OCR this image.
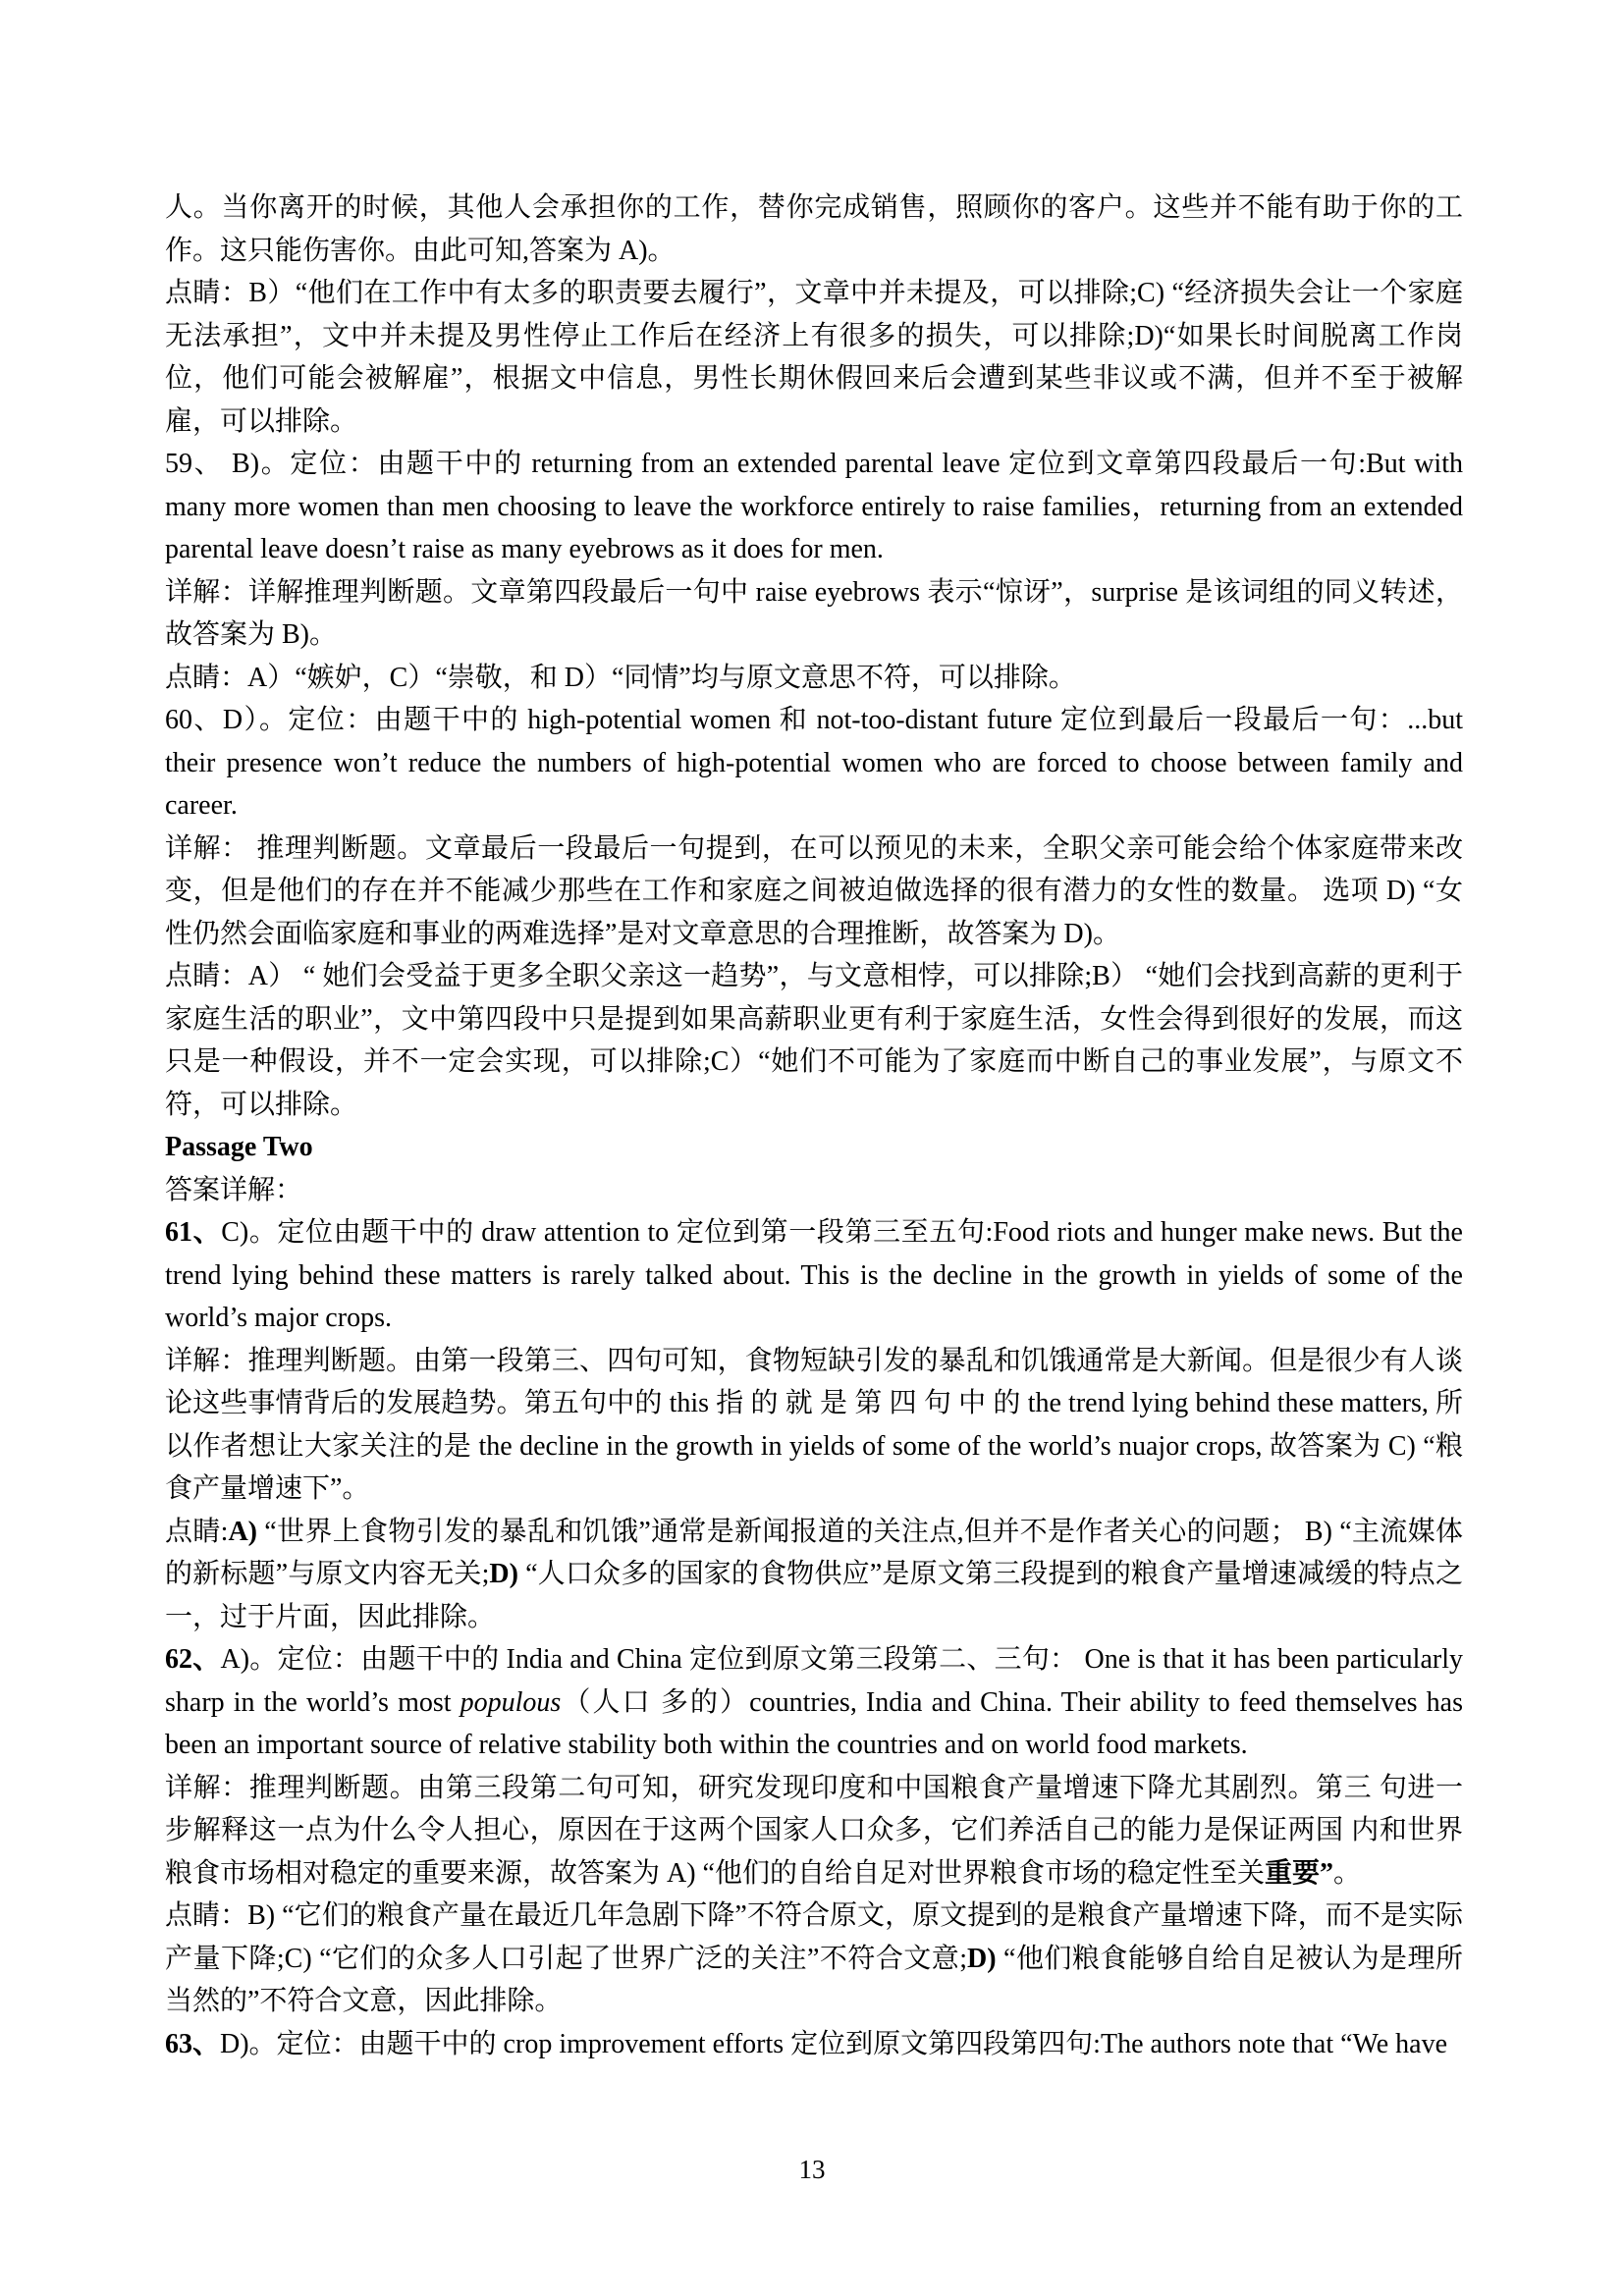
人。当你离开的时候，其他人会承担你的工作，替你完成销售，照顾你的客户。这些并不能有助于你的工作。这只能伤害你。由此可知,答案为 A)。

点睛：B）“他们在工作中有太多的职责要去履行”，文章中并未提及，可以排除;C) “经济损失会让一个家庭无法承担”，文中并未提及男性停止工作后在经济上有很多的损失，可以排除;D)“如果长时间脱离工作岗位，他们可能会被解雇”，根据文中信息，男性长期休假回来后会遭到某些非议或不满，但并不至于被解雇，可以排除。

59、 B)。定位：由题干中的 returning from an extended parental leave 定位到文章第四段最后一句:But with many more women than men choosing to leave the workforce entirely to raise families，returning from an extended parental leave doesn’t raise as many eyebrows as it does for men.

详解：详解推理判断题。文章第四段最后一句中 raise eyebrows 表示“惊讶”，surprise 是该词组的同义转述，故答案为 B)。

点睛：A）“嫉妒，C）“崇敬，和 D）“同情”均与原文意思不符，可以排除。

60、D）。定位：由题干中的 high-potential women 和 not-too-distant future 定位到最后一段最后一句：...but their presence won’t reduce the numbers of high-potential women who are forced to choose between family and career.

详解： 推理判断题。文章最后一段最后一句提到，在可以预见的未来，全职父亲可能会给个体家庭带来改变，但是他们的存在并不能减少那些在工作和家庭之间被迫做选择的很有潜力的女性的数量。 选项 D) “女性仍然会面临家庭和事业的两难选择”是对文章意思的合理推断，故答案为 D)。

点睛：A） “ 她们会受益于更多全职父亲这一趋势”，与文意相悖，可以排除;B） “她们会找到高薪的更利于家庭生活的职业”，文中第四段中只是提到如果高薪职业更有利于家庭生活，女性会得到很好的发展，而这只是一种假设，并不一定会实现，可以排除;C）“她们不可能为了家庭而中断自己的事业发展”，与原文不符，可以排除。

Passage Two

答案详解：

61、C)。定位由题干中的 draw attention to 定位到第一段第三至五句:Food riots and hunger make news. But the trend lying behind these matters is rarely talked about. This is the decline in the growth in yields of some of the world’s major crops.

详解：推理判断题。由第一段第三、四句可知，食物短缺引发的暴乱和饥饿通常是大新闻。但是很少有人谈论这些事情背后的发展趋势。第五句中的 this 指 的 就 是 第 四 句 中 的 the trend lying behind these matters, 所以作者想让大家关注的是 the decline in the growth in yields of some of the world’s nuajor crops, 故答案为 C) “粮食产量增速下”。

点睛:A) “世界上食物引发的暴乱和饥饿”通常是新闻报道的关注点,但并不是作者关心的问题； B) “主流媒体的新标题”与原文内容无关;D) “人口众多的国家的食物供应”是原文第三段提到的粮食产量增速减缓的特点之一，过于片面，因此排除。

62、A)。定位：由题干中的 India and China 定位到原文第三段第二、三句： One is that it has been particularly sharp in the world’s most populous（人口 多的）countries, India and China. Their ability to feed themselves has been an important source of relative stability both within the countries and on world food markets.

详解：推理判断题。由第三段第二句可知，研究发现印度和中国粮食产量增速下降尤其剧烈。第三 句进一步解释这一点为什么令人担心，原因在于这两个国家人口众多，它们养活自己的能力是保证两国 内和世界粮食市场相对稳定的重要来源，故答案为 A) “他们的自给自足对世界粮食市场的稳定性至关重要”。

点睛：B) “它们的粮食产量在最近几年急剧下降”不符合原文，原文提到的是粮食产量增速下降，而不是实际产量下降;C) “它们的众多人口引起了世界广泛的关注”不符合文意;D) “他们粮食能够自给自足被认为是理所当然的”不符合文意，因此排除。

63、D)。定位：由题干中的 crop improvement efforts 定位到原文第四段第四句:The authors note that “We have

13
